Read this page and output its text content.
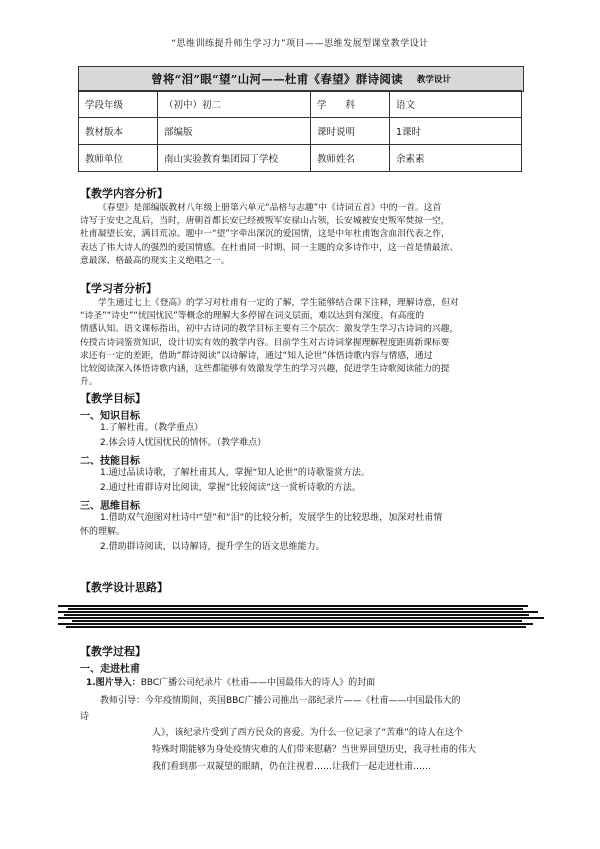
“思维训练提升师生学习力”项目——思维发展型课堂教学设计
曾将“泪”眼“望”山河——杜甫《春望》群诗阅读 教学设计
学段年级	（初中）初二	学　　科	语文
教材版本	部编版	课时说明	1课时
教师单位	南山实验教育集团园丁学校	教师姓名	余素素
【教学内容分析】
《春望》是部编版教材八年级上册第六单元“品格与志趣”中《诗词五首》中的一首。这首
诗写于安史之乱后，当时，唐朝首都长安已经被叛军安禄山占领，长安城被安史叛军焚掠一空，
杜甫凝望长安，满目荒凉。题中一“望”字牵出深沉的爱国情，这是中年杜甫饱含血泪代表之作，
表达了伟大诗人的强烈的爱国情感。在杜甫同一时期、同一主题的众多诗作中，这一首是情最浓、
意最深、格最高的现实主义绝唱之一。
【学习者分析】
学生通过七上《登高》的学习对杜甫有一定的了解，学生能够结合课下注释，理解诗意，但对
“诗圣”“诗史”“忧国忧民”等概念的理解大多停留在词义层面，难以达到有深度、有高度的
情感认知。语文课标指出，初中古诗词的教学目标主要有三个层次：激发学生学习古诗词的兴趣，
传授古诗词鉴赏知识，设计切实有效的教学内容。目前学生对古诗词掌握理解程度距离新课标要
求还有一定的差距，借助“群诗阅读”以诗解诗，通过“知人论世”体悟诗歌内容与情感，通过
比较阅读深入体悟诗歌内涵，这些都能够有效激发学生的学习兴趣，促进学生诗歌阅读能力的提
升。
【教学目标】
一、知识目标
1.了解杜甫。（教学重点）
2.体会诗人忧国忧民的情怀。（教学难点）
二、技能目标
1.通过品读诗歌，了解杜甫其人，掌握“知人论世”的诗歌鉴赏方法。
2.通过杜甫群诗对比阅读，掌握“比较阅读”这一赏析诗歌的方法。
三、思维目标
1.借助双气泡图对杜诗中“望”和“泪”的比较分析，发展学生的比较思维，加深对杜甫情
怀的理解。
2.借助群诗阅读，以诗解诗，提升学生的语文思维能力。
【教学设计思路】
【教学过程】
一、走进杜甫
1.图片导入：BBC广播公司纪录片《杜甫——中国最伟大的诗人》的封面
教师引导：今年疫情期间，英国BBC广播公司推出一部纪录片——《杜甫——中国最伟大的
诗
人》，该纪录片受到了西方民众的喜爱。为什么一位记录了“苦难”的诗人在这个
特殊时期能够为身处疫情灾难的人们带来慰藉？当世界回望历史，我寻杜甫的伟大
我们看到那一双凝望的眼睛，仍在注视着……让我们一起走进杜甫……
